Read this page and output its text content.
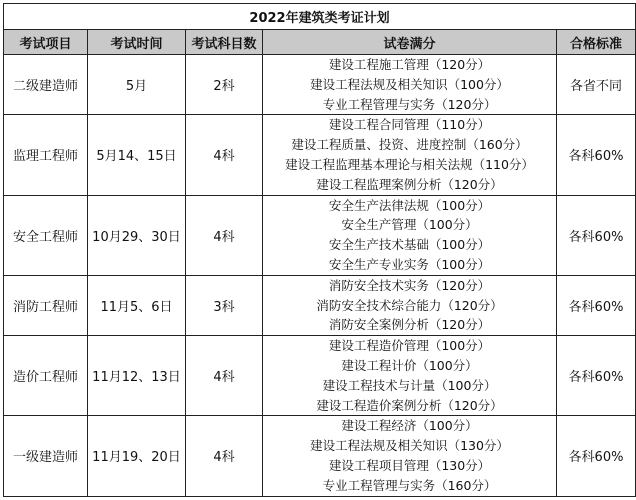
2022年建筑类考证计划				
考试项目	考试时间	考试科目数	试卷满分	合格标准
二级建造师	5月	2科	建设工程施工管理（120分）
建设工程法规及相关知识（100分）
专业工程管理与实务（120分）	各省不同
监理工程师	5月14、15日	4科	建设工程合同管理（110分）
建设工程质量、投资、进度控制（160分）
建设工程监理基本理论与相关法规（110分）
建设工程监理案例分析（120分）	各科60%
安全工程师	10月29、30日	4科	安全生产法律法规（100分）
安全生产管理（100分）
安全生产技术基础（100分）
安全生产专业实务（100分）	各科60%
消防工程师	11月5、6日	3科	消防安全技术实务（120分）
消防安全技术综合能力（120分）
消防安全案例分析（120分）	各科60%
造价工程师	11月12、13日	4科	建设工程造价管理（100分）
建设工程计价（100分）
建设工程技术与计量（100分）
建设工程造价案例分析（120分）	各科60%
一级建造师	11月19、20日	4科	建设工程经济（100分）
建设工程法规及相关知识（130分）
建设工程项目管理（130分）
专业工程管理与实务（160分）	各科60%
